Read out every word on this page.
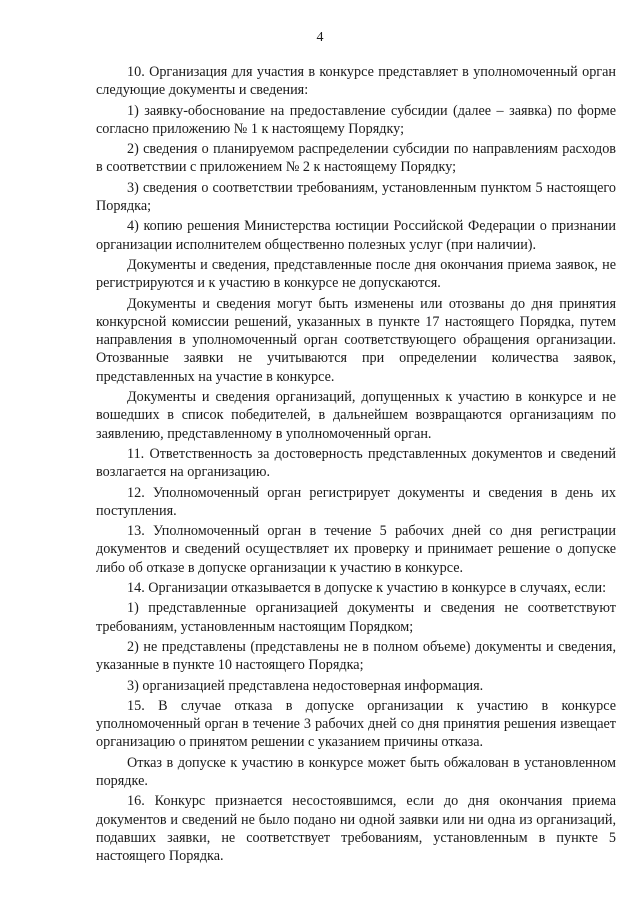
4

10. Организация для участия в конкурсе представляет в уполномоченный орган следующие документы и сведения:

1) заявку-обоснование на предоставление субсидии (далее – заявка) по форме согласно приложению № 1 к настоящему Порядку;

2) сведения о планируемом распределении субсидии по направлениям расходов в соответствии с приложением № 2 к настоящему Порядку;

3) сведения о соответствии требованиям, установленным пунктом 5 настоящего Порядка;

4) копию решения Министерства юстиции Российской Федерации о признании организации исполнителем общественно полезных услуг (при наличии).

Документы и сведения, представленные после дня окончания приема заявок, не регистрируются и к участию в конкурсе не допускаются.

Документы и сведения могут быть изменены или отозваны до дня принятия конкурсной комиссии решений, указанных в пункте 17 настоящего Порядка, путем направления в уполномоченный орган соответствующего обращения организации. Отозванные заявки не учитываются при определении количества заявок, представленных на участие в конкурсе.

Документы и сведения организаций, допущенных к участию в конкурсе и не вошедших в список победителей, в дальнейшем возвращаются организациям по заявлению, представленному в уполномоченный орган.

11. Ответственность за достоверность представленных документов и сведений возлагается на организацию.

12. Уполномоченный орган регистрирует документы и сведения в день их поступления.

13. Уполномоченный орган в течение 5 рабочих дней со дня регистрации документов и сведений осуществляет их проверку и принимает решение о допуске либо об отказе в допуске организации к участию в конкурсе.

14. Организации отказывается в допуске к участию в конкурсе в случаях, если:

1) представленные организацией документы и сведения не соответствуют требованиям, установленным настоящим Порядком;

2) не представлены (представлены не в полном объеме) документы и сведения, указанные в пункте 10 настоящего Порядка;

3) организацией представлена недостоверная информация.

15. В случае отказа в допуске организации к участию в конкурсе уполномоченный орган в течение 3 рабочих дней со дня принятия решения извещает организацию о принятом решении с указанием причины отказа.

Отказ в допуске к участию в конкурсе может быть обжалован в установленном порядке.

16. Конкурс признается несостоявшимся, если до дня окончания приема документов и сведений не было подано ни одной заявки или ни одна из организаций, подавших заявки, не соответствует требованиям, установленным в пункте 5 настоящего Порядка.
